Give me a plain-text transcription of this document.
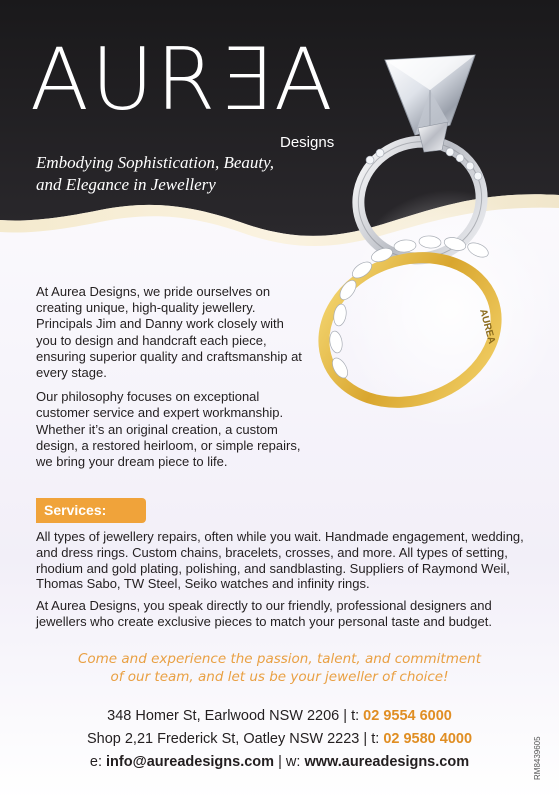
AURƎA
Designs
Embodying Sophistication, Beauty,
and Elegance in Jewellery
AUREA

At Aurea Designs, we pride ourselves on creating unique, high-quality jewellery. Principals Jim and Danny work closely with you to design and handcraft each piece, ensuring superior quality and craftsmanship at every stage.

Our philosophy focuses on exceptional customer service and expert workmanship. Whether it’s an original creation, a custom design, a restored heirloom, or simple repairs, we bring your dream piece to life.

Services:

All types of jewellery repairs, often while you wait. Handmade engagement, wedding, and dress rings. Custom chains, bracelets, crosses, and more. All types of setting, rhodium and gold plating, polishing, and sandblasting. Suppliers of Raymond Weil, Thomas Sabo, TW Steel, Seiko watches and infinity rings.

At Aurea Designs, you speak directly to our friendly, professional designers and jewellers who create exclusive pieces to match your personal taste and budget.

Come and experience the passion, talent, and commitment
of our team, and let us be your jeweller of choice!
348 Homer St, Earlwood NSW 2206 | t: 02 9554 6000
Shop 2,21 Frederick St, Oatley NSW 2223 | t: 02 9580 4000
e: info@aureadesigns.com | w: www.aureadesigns.com	RM8439605
